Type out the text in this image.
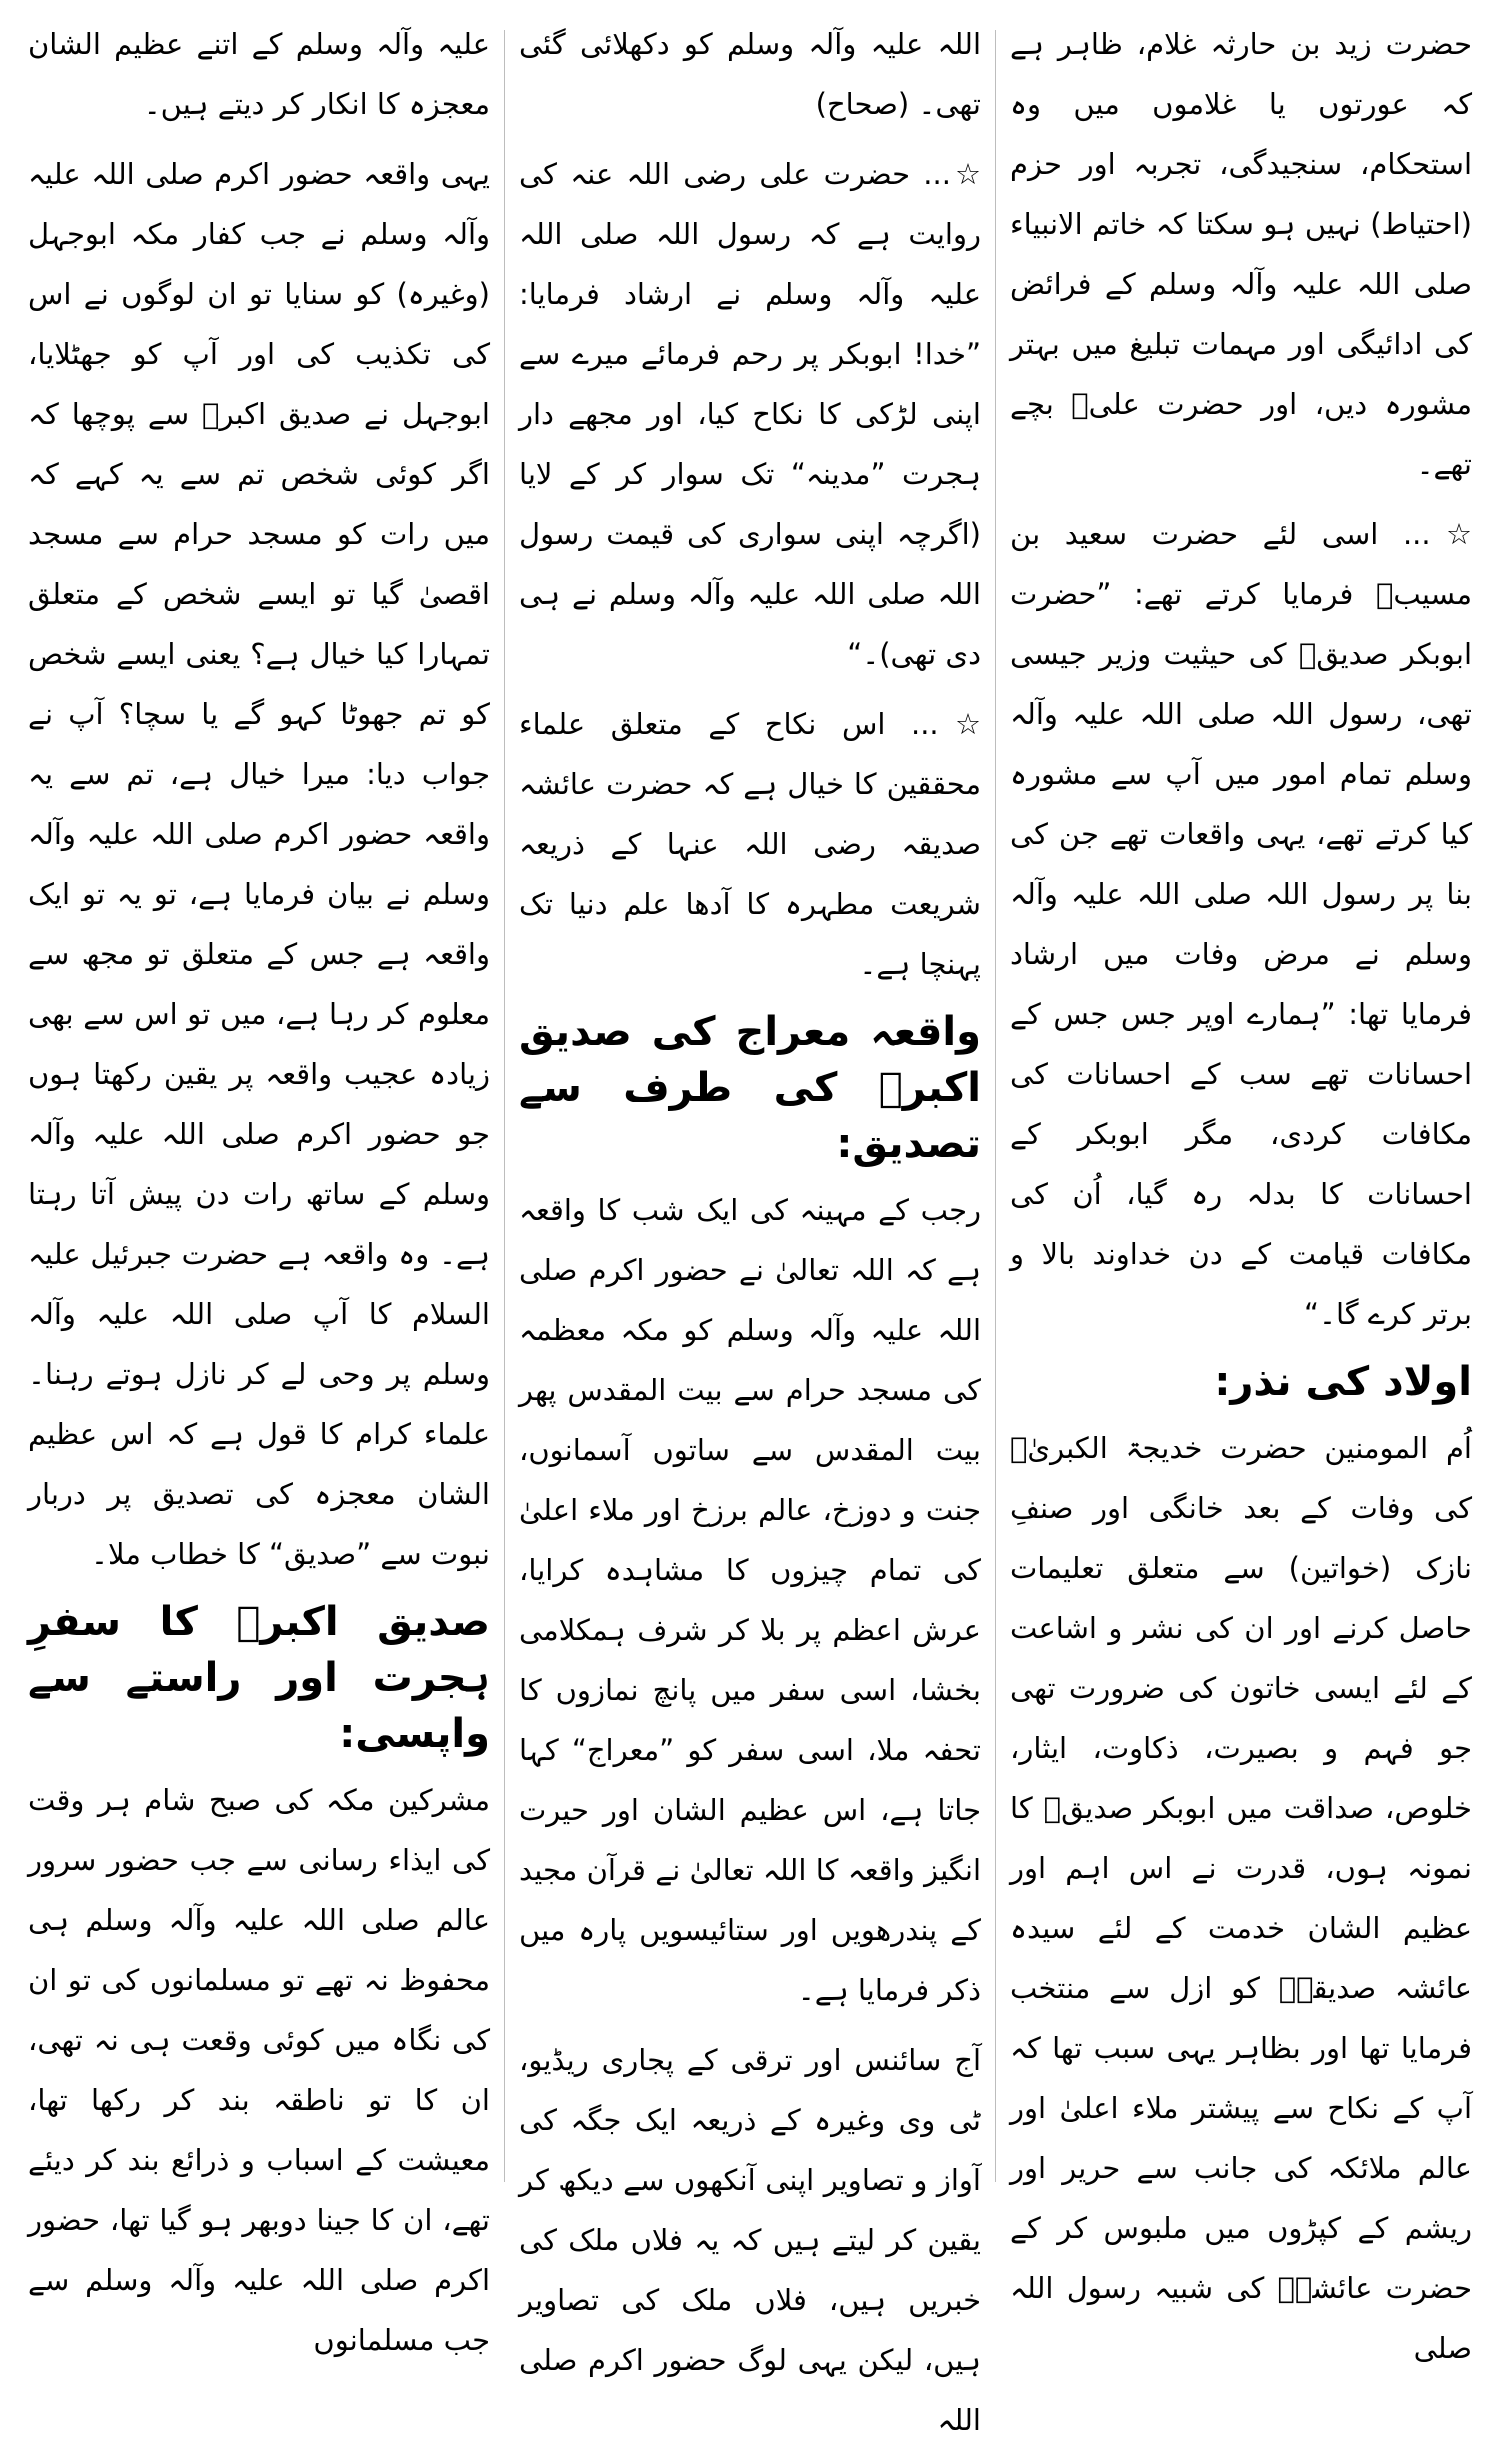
حضرت زید بن حارثہ غلام، ظاہر ہے کہ عورتوں یا غلاموں میں وہ استحکام، سنجیدگی، تجربہ اور حزم (احتیاط) نہیں ہو سکتا کہ خاتم الانبیاء صلی اللہ علیہ وآلہ وسلم کے فرائض کی ادائیگی اور مہمات تبلیغ میں بہتر مشورہ دیں، اور حضرت علیؓ بچے تھے۔

☆... اسی لئے حضرت سعید بن مسیبؒ فرمایا کرتے تھے: ”حضرت ابوبکر صدیقؓ کی حیثیت وزیر جیسی تھی، رسول اللہ صلی اللہ علیہ وآلہ وسلم تمام امور میں آپ سے مشورہ کیا کرتے تھے، یہی واقعات تھے جن کی بنا پر رسول اللہ صلی اللہ علیہ وآلہ وسلم نے مرض وفات میں ارشاد فرمایا تھا: ”ہمارے اوپر جس جس کے احسانات تھے سب کے احسانات کی مکافات کردی، مگر ابوبکر کے احسانات کا بدلہ رہ گیا، اُن کی مکافات قیامت کے دن خداوند بالا و برتر کرے گا۔“

اولاد کی نذر:

اُم المومنین حضرت خدیجۃ الکبریٰؓ کی وفات کے بعد خانگی اور صنفِ نازک (خواتین) سے متعلق تعلیمات حاصل کرنے اور ان کی نشر و اشاعت کے لئے ایسی خاتون کی ضرورت تھی جو فہم و بصیرت، ذکاوت، ایثار، خلوص، صداقت میں ابوبکر صدیقؓ کا نمونہ ہوں، قدرت نے اس اہم اور عظیم الشان خدمت کے لئے سیدہ عائشہ صدیقہؓ کو ازل سے منتخب فرمایا تھا اور بظاہر یہی سبب تھا کہ آپ کے نکاح سے پیشتر ملاء اعلیٰ اور عالم ملائکہ کی جانب سے حریر اور ریشم کے کپڑوں میں ملبوس کر کے حضرت عائشہؓ کی شبیہ رسول اللہ صلی

اللہ علیہ وآلہ وسلم کو دکھلائی گئی تھی۔ (صحاح)

☆... حضرت علی رضی اللہ عنہ کی روایت ہے کہ رسول اللہ صلی اللہ علیہ وآلہ وسلم نے ارشاد فرمایا: ”خدا! ابوبکر پر رحم فرمائے میرے سے اپنی لڑکی کا نکاح کیا، اور مجھے دار ہجرت ”مدینہ“ تک سوار کر کے لایا (اگرچہ اپنی سواری کی قیمت رسول اللہ صلی اللہ علیہ وآلہ وسلم نے ہی دی تھی)۔“

☆... اس نکاح کے متعلق علماء محققین کا خیال ہے کہ حضرت عائشہ صدیقہ رضی اللہ عنہا کے ذریعہ شریعت مطہرہ کا آدھا علم دنیا تک پہنچا ہے۔

واقعہ معراج کی صدیق اکبرؓ کی طرف سے تصدیق:

رجب کے مہینہ کی ایک شب کا واقعہ ہے کہ اللہ تعالیٰ نے حضور اکرم صلی اللہ علیہ وآلہ وسلم کو مکہ معظمہ کی مسجد حرام سے بیت المقدس پھر بیت المقدس سے ساتوں آسمانوں، جنت و دوزخ، عالم برزخ اور ملاء اعلیٰ کی تمام چیزوں کا مشاہدہ کرایا، عرش اعظم پر بلا کر شرف ہمکلامی بخشا، اسی سفر میں پانچ نمازوں کا تحفہ ملا، اسی سفر کو ”معراج“ کہا جاتا ہے، اس عظیم الشان اور حیرت انگیز واقعہ کا اللہ تعالیٰ نے قرآن مجید کے پندرھویں اور ستائیسویں پارہ میں ذکر فرمایا ہے۔

آج سائنس اور ترقی کے پجاری ریڈیو، ٹی وی وغیرہ کے ذریعہ ایک جگہ کی آواز و تصاویر اپنی آنکھوں سے دیکھ کر یقین کر لیتے ہیں کہ یہ فلاں ملک کی خبریں ہیں، فلاں ملک کی تصاویر ہیں، لیکن یہی لوگ حضور اکرم صلی اللہ

علیہ وآلہ وسلم کے اتنے عظیم الشان معجزہ کا انکار کر دیتے ہیں۔

یہی واقعہ حضور اکرم صلی اللہ علیہ وآلہ وسلم نے جب کفار مکہ ابوجہل (وغیرہ) کو سنایا تو ان لوگوں نے اس کی تکذیب کی اور آپ کو جھٹلایا، ابوجہل نے صدیق اکبرؓ سے پوچھا کہ اگر کوئی شخص تم سے یہ کہے کہ میں رات کو مسجد حرام سے مسجد اقصیٰ گیا تو ایسے شخص کے متعلق تمہارا کیا خیال ہے؟ یعنی ایسے شخص کو تم جھوٹا کہو گے یا سچا؟ آپ نے جواب دیا: میرا خیال ہے، تم سے یہ واقعہ حضور اکرم صلی اللہ علیہ وآلہ وسلم نے بیان فرمایا ہے، تو یہ تو ایک واقعہ ہے جس کے متعلق تو مجھ سے معلوم کر رہا ہے، میں تو اس سے بھی زیادہ عجیب واقعہ پر یقین رکھتا ہوں جو حضور اکرم صلی اللہ علیہ وآلہ وسلم کے ساتھ رات دن پیش آتا رہتا ہے۔ وہ واقعہ ہے حضرت جبرئیل علیہ السلام کا آپ صلی اللہ علیہ وآلہ وسلم پر وحی لے کر نازل ہوتے رہنا۔ علماء کرام کا قول ہے کہ اس عظیم الشان معجزہ کی تصدیق پر دربار نبوت سے ”صدیق“ کا خطاب ملا۔

صدیق اکبرؓ کا سفرِ ہجرت اور راستے سے واپسی:

مشرکین مکہ کی صبح شام ہر وقت کی ایذاء رسانی سے جب حضور سرور عالم صلی اللہ علیہ وآلہ وسلم ہی محفوظ نہ تھے تو مسلمانوں کی تو ان کی نگاہ میں کوئی وقعت ہی نہ تھی، ان کا تو ناطقہ بند کر رکھا تھا، معیشت کے اسباب و ذرائع بند کر دیئے تھے، ان کا جینا دوبھر ہو گیا تھا، حضور اکرم صلی اللہ علیہ وآلہ وسلم سے جب مسلمانوں
